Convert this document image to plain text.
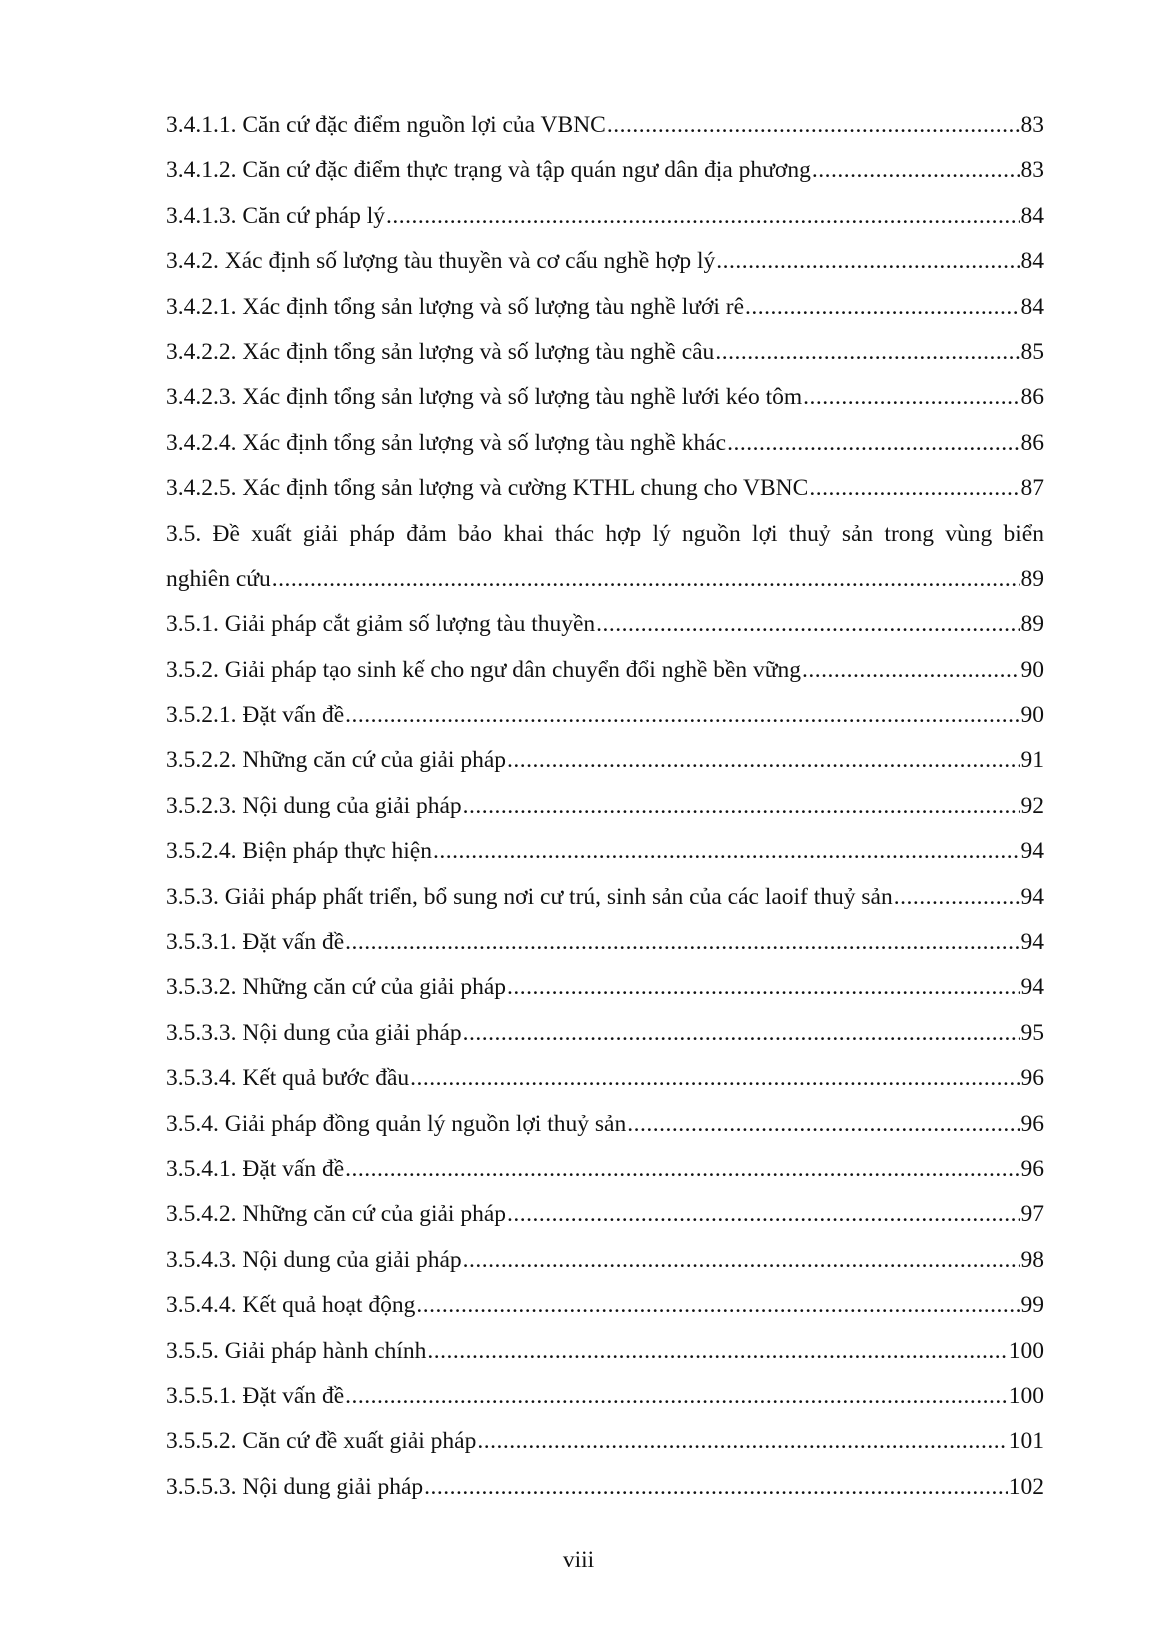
3.4.1.1. Căn cứ đặc điểm nguồn lợi của VBNC .....	83
3.4.1.2. Căn cứ đặc điểm thực trạng và tập quán ngư dân địa phương .....	83
3.4.1.3. Căn cứ pháp lý .....	84
3.4.2. Xác định số lượng tàu thuyền và cơ cấu nghề hợp lý .....	84
3.4.2.1. Xác định tổng sản lượng và số lượng tàu nghề lưới rê .....	84
3.4.2.2. Xác định tổng sản lượng và số lượng tàu nghề câu .....	85
3.4.2.3. Xác định tổng sản lượng và số lượng tàu nghề lưới kéo tôm .....	86
3.4.2.4. Xác định tổng sản lượng và số lượng tàu nghề khác .....	86
3.4.2.5. Xác định tổng sản lượng và cường KTHL chung cho VBNC .....	87
3.5. Đề xuất giải pháp đảm bảo khai thác hợp lý nguồn lợi thuỷ sản trong vùng biển
nghiên cứu .....	89
3.5.1. Giải pháp cắt giảm số lượng tàu thuyền .....	89
3.5.2. Giải pháp tạo sinh kế cho ngư dân chuyển đổi nghề bền vững .....	90
3.5.2.1. Đặt vấn đề .....	90
3.5.2.2. Những căn cứ của giải pháp .....	91
3.5.2.3. Nội dung của giải pháp .....	92
3.5.2.4. Biện pháp thực hiện .....	94
3.5.3. Giải pháp phất triển, bổ sung nơi cư trú, sinh sản của các laoif thuỷ sản .....	94
3.5.3.1. Đặt vấn đề .....	94
3.5.3.2. Những căn cứ của giải pháp .....	94
3.5.3.3. Nội dung của giải pháp .....	95
3.5.3.4. Kết quả bước đầu .....	96
3.5.4. Giải pháp đồng quản lý nguồn lợi thuỷ sản .....	96
3.5.4.1. Đặt vấn đề .....	96
3.5.4.2. Những căn cứ của giải pháp .....	97
3.5.4.3. Nội dung của giải pháp .....	98
3.5.4.4. Kết quả hoạt động .....	99
3.5.5. Giải pháp hành chính .....	100
3.5.5.1. Đặt vấn đề .....	100
3.5.5.2. Căn cứ đề xuất giải pháp .....	101
3.5.5.3. Nội dung giải pháp .....	102
viii
